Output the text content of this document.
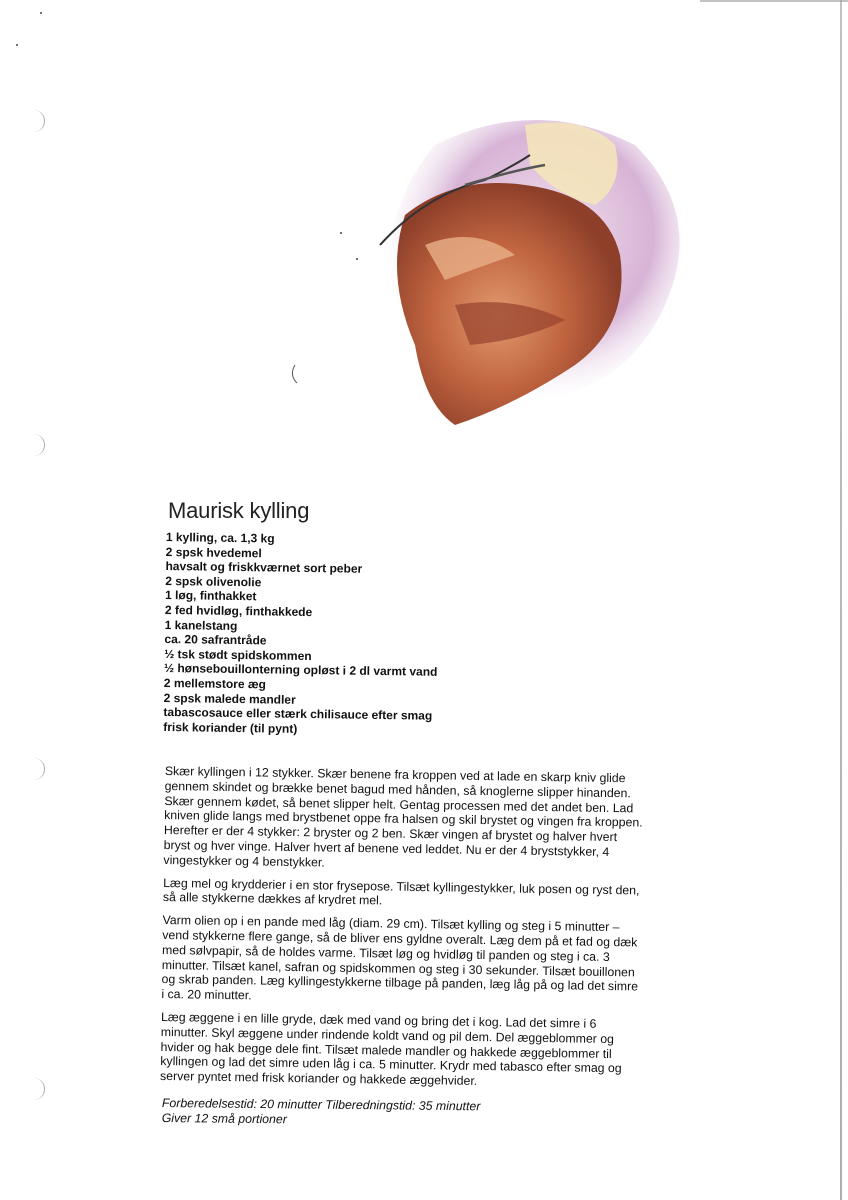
Maurisk kylling
1 kylling, ca. 1,3 kg
2 spsk hvedemel
havsalt og friskkværnet sort peber
2 spsk olivenolie
1 løg, finthakket
2 fed hvidløg, finthakkede
1 kanelstang
ca. 20 safrantråde
½ tsk stødt spidskommen
½ hønsebouillonterning opløst i 2 dl varmt vand
2 mellemstore æg
2 spsk malede mandler
tabascosauce eller stærk chilisauce efter smag
frisk koriander (til pynt)

Skær kyllingen i 12 stykker. Skær benene fra kroppen ved at lade en skarp kniv glide gennem skindet og brække benet bagud med hånden, så knoglerne slipper hinanden. Skær gennem kødet, så benet slipper helt. Gentag processen med det andet ben. Lad kniven glide langs med brystbenet oppe fra halsen og skil brystet og vingen fra kroppen. Herefter er der 4 stykker: 2 bryster og 2 ben. Skær vingen af brystet og halver hvert bryst og hver vinge. Halver hvert af benene ved leddet. Nu er der 4 bryststykker, 4 vingestykker og 4 benstykker.

Læg mel og krydderier i en stor frysepose. Tilsæt kyllingestykker, luk posen og ryst den, så alle stykkerne dækkes af krydret mel.

Varm olien op i en pande med låg (diam. 29 cm). Tilsæt kylling og steg i 5 minutter – vend stykkerne flere gange, så de bliver ens gyldne overalt. Læg dem på et fad og dæk med sølvpapir, så de holdes varme. Tilsæt løg og hvidløg til panden og steg i ca. 3 minutter. Tilsæt kanel, safran og spidskommen og steg i 30 sekunder. Tilsæt bouillonen og skrab panden. Læg kyllingestykkerne tilbage på panden, læg låg på og lad det simre i ca. 20 minutter.

Læg æggene i en lille gryde, dæk med vand og bring det i kog. Lad det simre i 6 minutter. Skyl æggene under rindende koldt vand og pil dem. Del æggeblommer og hvider og hak begge dele fint. Tilsæt malede mandler og hakkede æggeblommer til kyllingen og lad det simre uden låg i ca. 5 minutter. Krydr med tabasco efter smag og server pyntet med frisk koriander og hakkede æggehvider.

Forberedelsestid: 20 minutter Tilberedningstid: 35 minutter
Giver 12 små portioner
